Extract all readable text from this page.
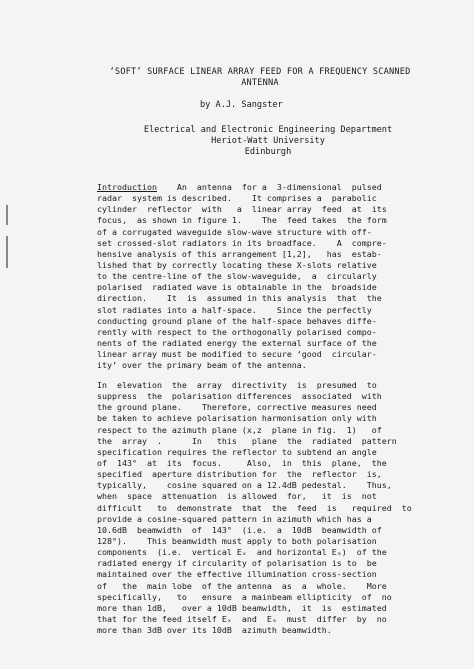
‘SOFT’ SURFACE LINEAR ARRAY FEED FOR A FREQUENCY SCANNED
ANTENNA
by A.J. Sangster
Electrical and Electronic Engineering Department
Heriot-Watt University
Edinburgh
Introduction    An  antenna  for a  3-dimensional  pulsed
radar  system is described.    It comprises a  parabolic
cylinder  reflector  with   a  linear array  feed  at  its
focus,  as shown in figure 1.    The  feed takes  the form
of a corrugated waveguide slow-wave structure with off-
set crossed-slot radiators in its broadface.    A  compre-
hensive analysis of this arrangement [1,2],   has  estab-
lished that by correctly locating these X-slots relative
to the centre-line of the slow-waveguide,  a  circularly
polarised  radiated wave is obtainable in the  broadside
direction.    It  is  assumed in this analysis  that  the
slot radiates into a half-space.    Since the perfectly
conducting ground plane of the half-space behaves diffe-
rently with respect to the orthogonally polarised compo-
nents of the radiated energy the external surface of the
linear array must be modified to secure ‘good  circular-
ity’ over the primary beam of the antenna.
In  elevation  the  array  directivity  is  presumed  to
suppress  the  polarisation differences  associated  with
the ground plane.    Therefore, corrective measures need
be taken to achieve polarisation harmonisation only with
respect to the azimuth plane (x,z  plane in fig.  1)   of
the  array  .      In   this   plane  the  radiated  pattern
specification requires the reflector to subtend an angle
of  143°  at  its  focus.     Also,  in  this  plane,  the
specified  aperture distribution for  the  reflector  is,
typically,    cosine squared on a 12.4dB pedestal.    Thus,
when  space  attenuation  is allowed  for,   it  is  not
difficult   to  demonstrate  that  the  feed  is   required  to
provide a cosine-squared pattern in azimuth which has a
10.6dB  beamwidth  of  143°  (i.e.  a  10dB  beamwidth of
128°).    This beamwidth must apply to both polarisation
components  (i.e.  vertical Eₓ  and horizontal Eₔ)  of the
radiated energy if circularity of polarisation is to  be
maintained over the effective illumination cross-section
of   the  main lobe  of the antenna  as  a  whole.    More
specifically,   to   ensure  a mainbeam ellipticity  of  no
more than 1dB,   over a 10dB beamwidth,  it  is  estimated
that for the feed itself Eₓ  and  Eₔ  must  differ  by  no
more than 3dB over its 10dB  azimuth beamwidth.
